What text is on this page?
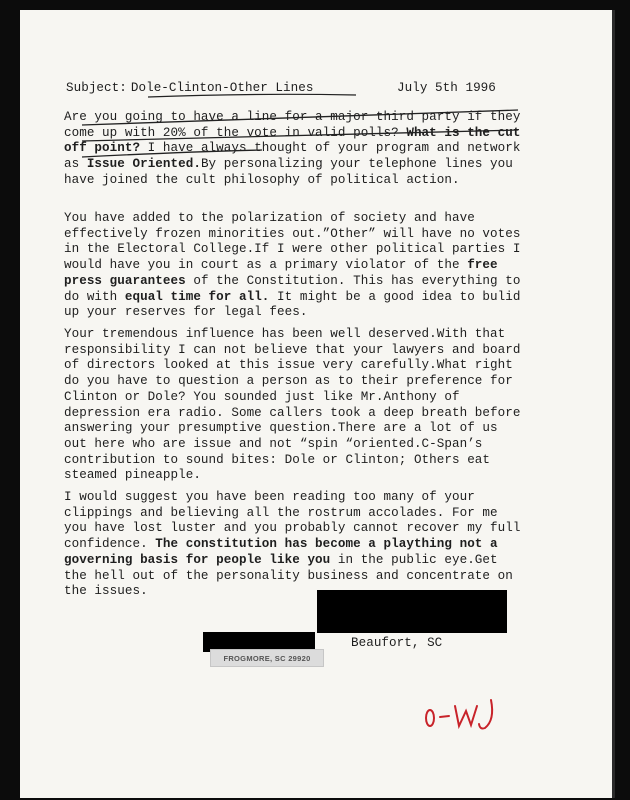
Subject: Dole-Clinton-Other Lines	July 5th 1996
Are you going to have a line for a major third party if they come up with 20% of the vote in valid polls? What is the cut off point? I have always thought of your program and network as Issue Oriented.By personalizing your telephone lines you have joined the cult philosophy of political action.
You have added to the polarization of society and have effectively frozen minorities out.”Other” will have no votes in the Electoral College.If I were other political parties I would have you in court as a primary violator of the free press guarantees of the Constitution. This has everything to do with equal time for all. It might be a good idea to bulid up your reserves for legal fees.
Your tremendous influence has been well deserved.With that responsibility I can not believe that your lawyers and board of directors looked at this issue very carefully.What right do you have to question a person as to their preference for Clinton or Dole? You sounded just like Mr.Anthony of depression era radio. Some callers took a deep breath before answering your presumptive question.There are a lot of us out here who are issue and not “spin “oriented.C-Span’s contribution to sound bites: Dole or Clinton; Others eat steamed pineapple.
I would suggest you have been reading too many of your clippings and believing all the rostrum accolades. For me you have lost luster and you probably cannot recover my full confidence. The constitution has become a plaything not a governing basis for people like you in the public eye.Get the hell out of the personality business and concentrate on the issues.
FROGMORE, SC 29920
Beaufort, SC
